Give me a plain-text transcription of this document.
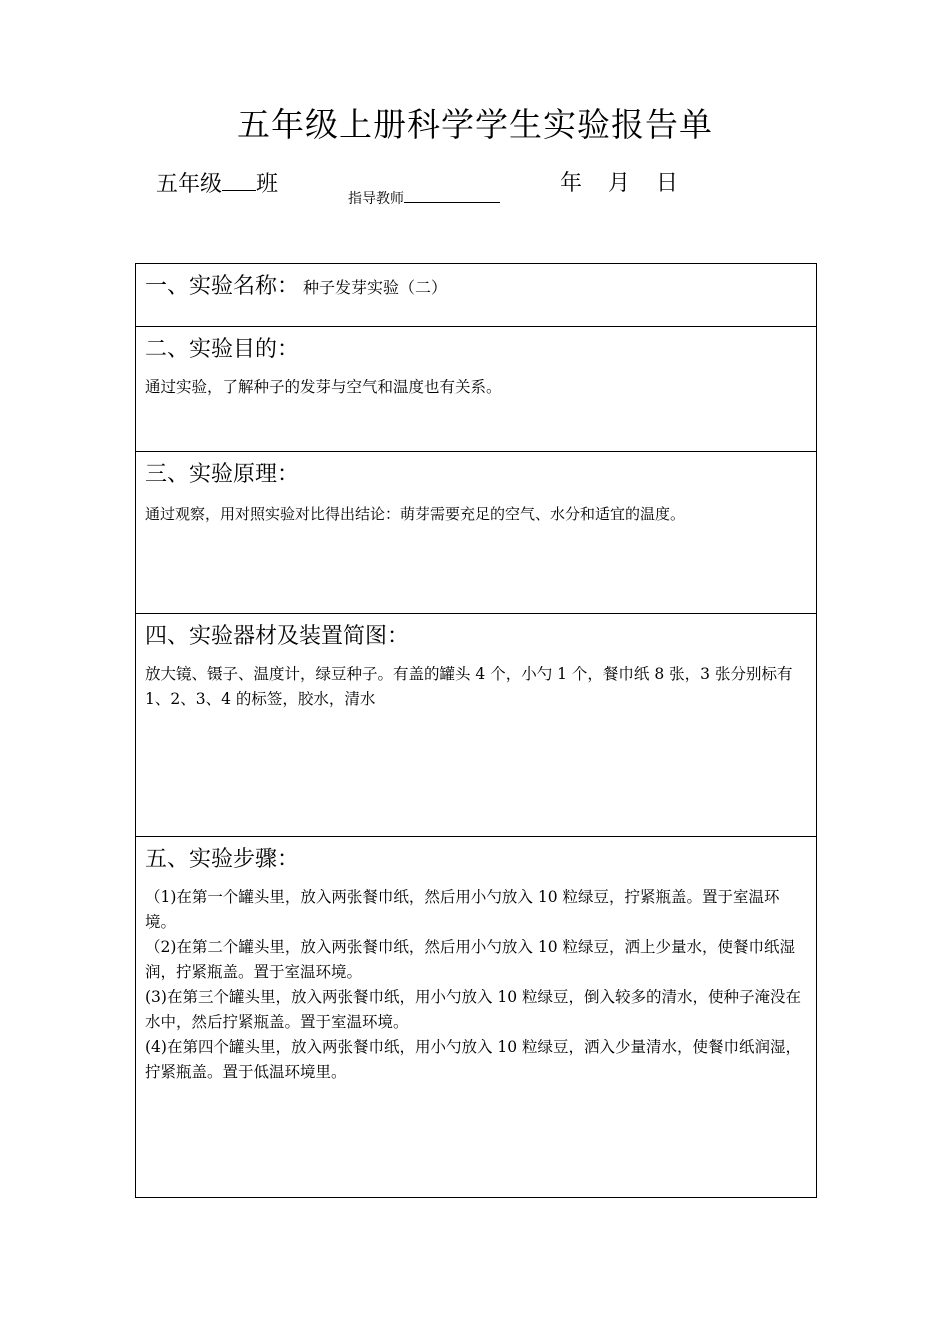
五年级上册科学学生实验报告单
五年级 班
指导教师
年 月 日
一、实验名称： 种子发芽实验（二）
二、实验目的：
通过实验，了解种子的发芽与空气和温度也有关系。
三、实验原理：
通过观察，用对照实验对比得出结论：萌芽需要充足的空气、水分和适宜的温度。
四、实验器材及装置简图：
放大镜、镊子、温度计，绿豆种子。有盖的罐头 4 个，小勺 1 个，餐巾纸 8 张，3 张分别标有 1、2、3、4 的标签，胶水，清水
五、实验步骤：

（1)在第一个罐头里，放入两张餐巾纸，然后用小勺放入 10 粒绿豆，拧紧瓶盖。置于室温环境。

（2)在第二个罐头里，放入两张餐巾纸，然后用小勺放入 10 粒绿豆，洒上少量水，使餐巾纸湿润，拧紧瓶盖。置于室温环境。

(3)在第三个罐头里，放入两张餐巾纸，用小勺放入 10 粒绿豆，倒入较多的清水，使种子淹没在水中，然后拧紧瓶盖。置于室温环境。

(4)在第四个罐头里，放入两张餐巾纸，用小勺放入 10 粒绿豆，洒入少量清水，使餐巾纸润湿，拧紧瓶盖。置于低温环境里。
